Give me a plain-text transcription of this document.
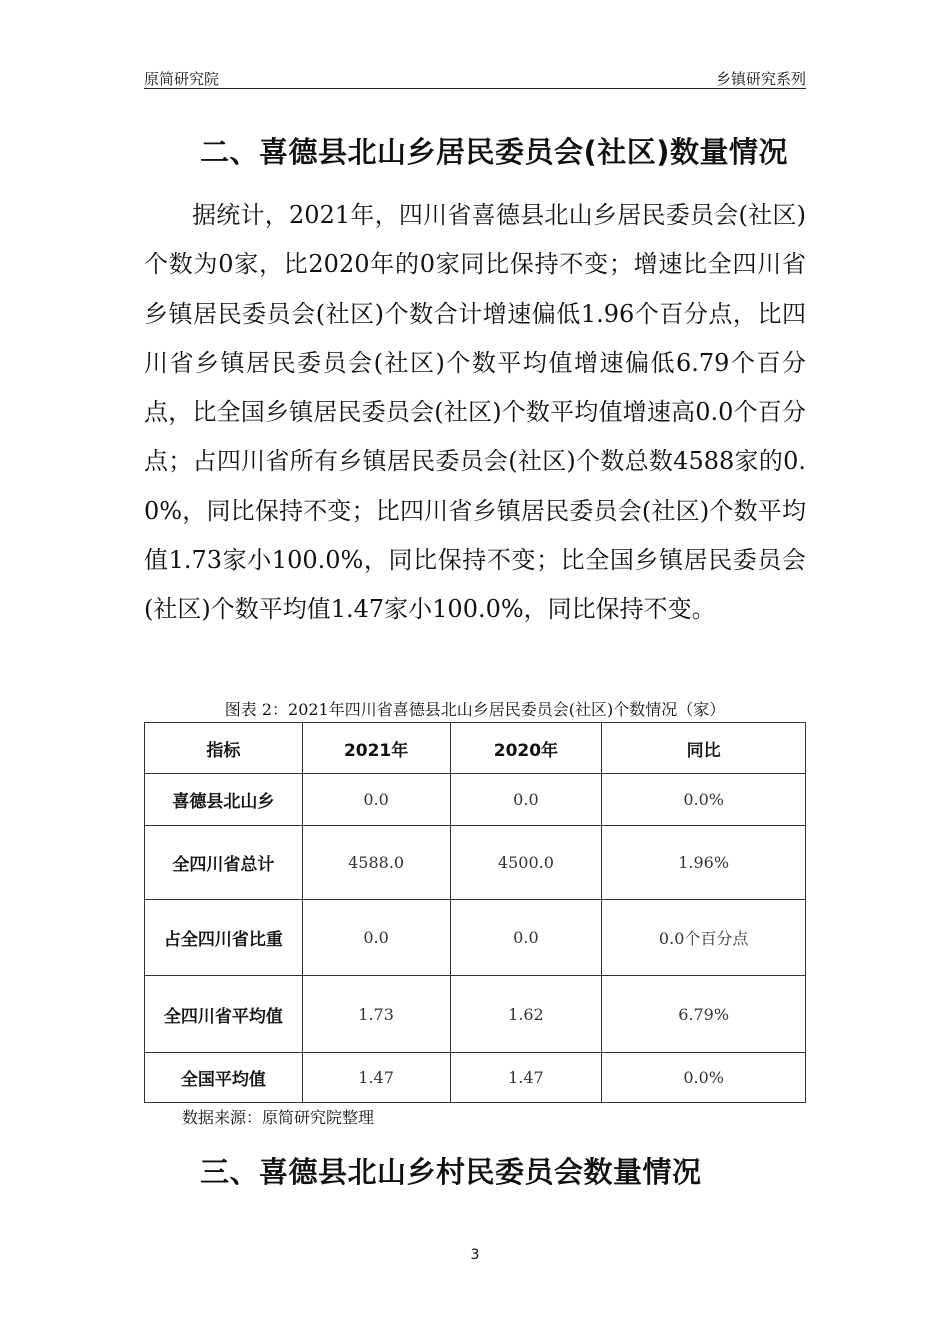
原简研究院	乡镇研究系列
二、喜德县北山乡居民委员会(社区)数量情况

据统计，2021年，四川省喜德县北山乡居民委员会(社区)个数为0家，比2020年的0家同比保持不变；增速比全四川省乡镇居民委员会(社区)个数合计增速偏低1.96个百分点，比四川省乡镇居民委员会(社区)个数平均值增速偏低6.79个百分点，比全国乡镇居民委员会(社区)个数平均值增速高0.0个百分点；占四川省所有乡镇居民委员会(社区)个数总数4588家的0.0%，同比保持不变；比四川省乡镇居民委员会(社区)个数平均值1.73家小100.0%，同比保持不变；比全国乡镇居民委员会(社区)个数平均值1.47家小100.0%，同比保持不变。

图表 2：2021年四川省喜德县北山乡居民委员会(社区)个数情况（家）
指标	2021年	2020年	同比
喜德县北山乡	0.0	0.0	0.0%
全四川省总计	4588.0	4500.0	1.96%
占全四川省比重	0.0	0.0	0.0个百分点
全四川省平均值	1.73	1.62	6.79%
全国平均值	1.47	1.47	0.0%
数据来源：原简研究院整理
三、喜德县北山乡村民委员会数量情况
3
